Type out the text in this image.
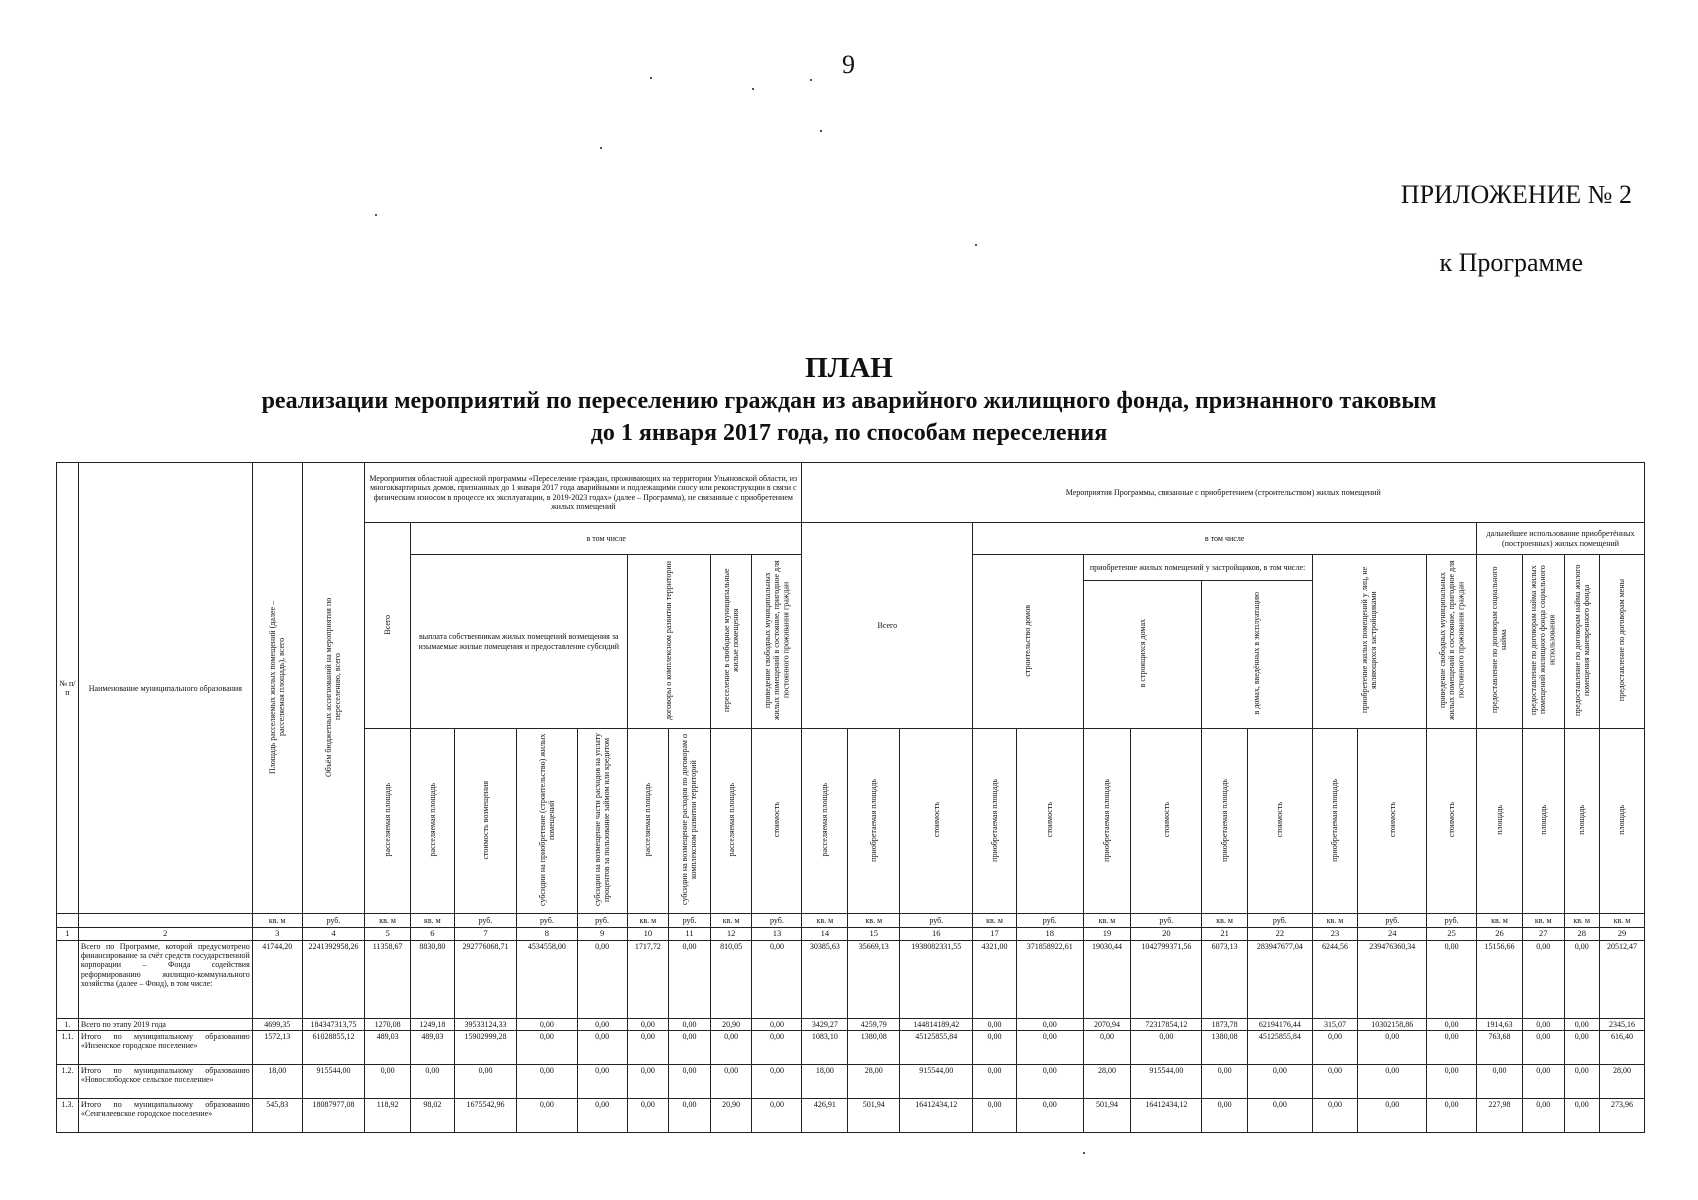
9
ПРИЛОЖЕНИЕ № 2
к Программе
ПЛАН
реализации мероприятий по переселению граждан из аварийного жилищного фонда, признанного таковым
до 1 января 2017 года, по способам переселения
№ п/п	Наименование муниципального образования	Площадь расселяемых жилых помещений (далее – расселяемая площадь), всего	Объём бюджетных ассигнований на мероприятия по переселению, всего	Мероприятия областной адресной программы «Переселение граждан, проживающих на территории Ульяновской области, из многоквартирных домов, признанных до 1 января 2017 года аварийными и подлежащими сносу или реконструкции в связи с физическим износом в процессе их эксплуатации, в 2019-2023 годах» (далее – Программа), не связанные с приобретением жилых помещений									Мероприятия Программы, связанные с приобретением (строительством) жилых помещений															
				Всего	в том числе								Всего			в том числе									дальнейшее использование приобретённых (построенных) жилых помещений			
					выплата собственникам жилых помещений возмещения за изымаемые жилые помещения и предоставление субсидий				договоры о комплексном развитии территории		переселение в свободные муниципальные жилые помещения	приведение свободных муниципальных жилых помещений в состояние, пригодное для постоянного проживания граждан				строительство домов		приобретение жилых помещений у застройщиков, в том числе:				приобретение жилых помещений у лиц, не являющихся застройщиками		приведение свободных муниципальных жилых помещений в состояние, пригодное для постоянного проживания граждан	предоставление по договорам социального найма	предоставление по договорам найма жилых помещений жилищного фонда социального использования	предоставление по договорам найма жилого помещения маневренного фонда	предоставление по договорам мены
																		в строящихся домах		в домах, введённых в эксплуатацию								
				расселяемая площадь	расселяемая площадь	стоимость возмещения	субсидии на приобретение (строительство) жилых помещений	субсидии на возмещение части расходов на уплату процентов за пользование займом или кредитом	расселяемая площадь	субсидии на возмещение расходов по договорам о комплексном развитии территорий	расселяемая площадь	стоимость	расселяемая площадь	приобретаемая площадь	стоимость	приобретаемая площадь	стоимость	приобретаемая площадь	стоимость	приобретаемая площадь	стоимость	приобретаемая площадь	стоимость	стоимость	площадь	площадь	площадь	площадь
		кв. м	руб.	кв. м	кв. м	руб.	руб.	руб.	кв. м	руб.	кв. м	руб.	кв. м	кв. м	руб.	кв. м	руб.	кв. м	руб.	кв. м	руб.	кв. м	руб.	руб.	кв. м	кв. м	кв. м	кв. м
1	2	3	4	5	6	7	8	9	10	11	12	13	14	15	16	17	18	19	20	21	22	23	24	25	26	27	28	29
	Всего по Программе, которой предусмотрено финансирование за счёт средств государственной корпорации – Фонда содействия реформированию жилищно-коммунального хозяйства (далее – Фонд), в том числе:	41744,20	2241392958,26	11358,67	8830,80	292776068,71	4534558,00	0,00	1717,72	0,00	810,05	0,00	30385,63	35669,13	1938082331,55	4321,00	371858922,61	19030,44	1042799371,56	6073,13	283947677,04	6244,56	239476360,34	0,00	15156,66	0,00	0,00	20512,47
1.	Всего по этапу 2019 года	4699,35	184347313,75	1270,08	1249,18	39533124,33	0,00	0,00	0,00	0,00	20,90	0,00	3429,27	4259,79	144814189,42	0,00	0,00	2070,94	72317854,12	1873,78	62194176,44	315,07	10302158,86	0,00	1914,63	0,00	0,00	2345,16
1.1.	Итого по муниципальному образованию «Инзенское городское поселение»	1572,13	61028855,12	489,03	489,03	15902999,28	0,00	0,00	0,00	0,00	0,00	0,00	1083,10	1380,08	45125855,84	0,00	0,00	0,00	0,00	1380,08	45125855,84	0,00	0,00	0,00	763,68	0,00	0,00	616,40
1.2.	Итого по муниципальному образованию «Новослободское сельское поселение»	18,00	915544,00	0,00	0,00	0,00	0,00	0,00	0,00	0,00	0,00	0,00	18,00	28,00	915544,00	0,00	0,00	28,00	915544,00	0,00	0,00	0,00	0,00	0,00	0,00	0,00	0,00	28,00
1.3.	Итого по муниципальному образованию «Сенгилеевское городское поселение»	545,83	18087977,08	118,92	98,02	1675542,96	0,00	0,00	0,00	0,00	20,90	0,00	426,91	501,94	16412434,12	0,00	0,00	501,94	16412434,12	0,00	0,00	0,00	0,00	0,00	227,98	0,00	0,00	273,96
